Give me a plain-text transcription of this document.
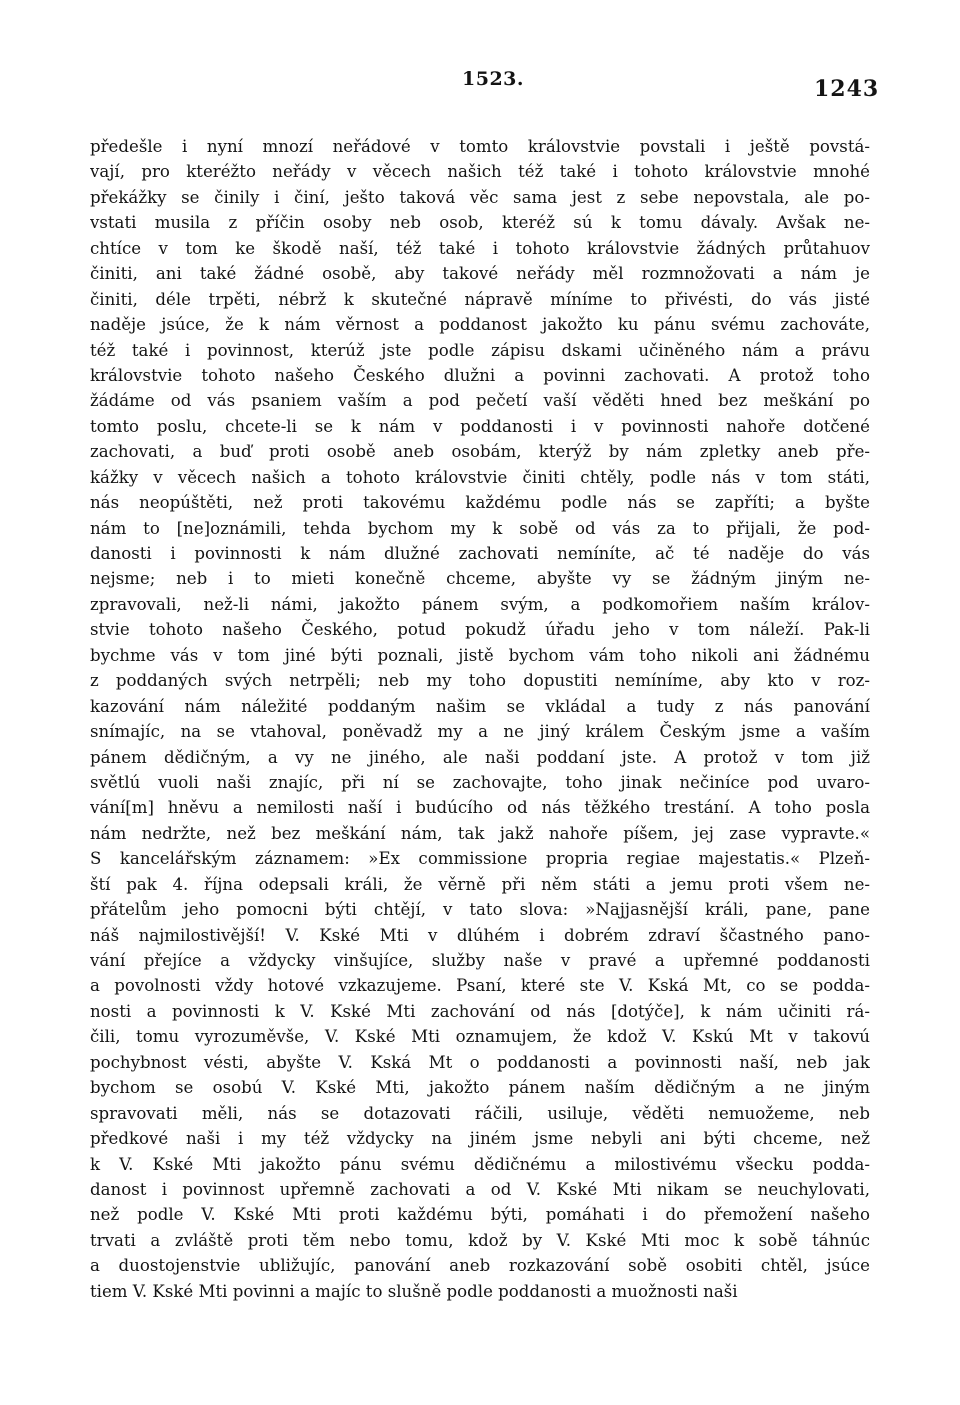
1523.	1243
předešle i nyní mnozí neřádové v tomto královstvie povstali i ještě povstá-
vají, pro kteréžto neřády v věcech našich též také i tohoto královstvie mnohé
překážky se činily i činí, ješto taková věc sama jest z sebe nepovstala, ale po-
vstati musila z příčin osoby neb osob, kteréž sú k tomu dávaly. Avšak ne-
chtíce v tom ke škodě naší, též také i tohoto královstvie žádných průtahuov
činiti, ani také žádné osobě, aby takové neřády měl rozmnožovati a nám je
činiti, déle trpěti, nébrž k skutečné nápravě míníme to přivésti, do vás jisté
naděje jsúce, že k nám věrnost a poddanost jakožto ku pánu svému zachováte,
též také i povinnost, kterúž jste podle zápisu dskami učiněného nám a právu
královstvie tohoto našeho Českého dlužni a povinni zachovati. A protož toho
žádáme od vás psaniem vaším a pod pečetí vaší věděti hned bez meškání po
tomto poslu, chcete-li se k nám v poddanosti i v povinnosti nahoře dotčené
zachovati, a buď proti osobě aneb osobám, kterýž by nám zpletky aneb pře-
kážky v věcech našich a tohoto královstvie činiti chtěly, podle nás v tom státi,
nás neopúštěti, než proti takovému každému podle nás se zapříti; a byšte
nám to [ne]oznámili, tehda bychom my k sobě od vás za to přijali, že pod-
danosti i povinnosti k nám dlužné zachovati nemíníte, ač té naděje do vás
nejsme; neb i to mieti konečně chceme, abyšte vy se žádným jiným ne-
zpravovali, než-li námi, jakožto pánem svým, a podkomořiem naším králov-
stvie tohoto našeho Českého, potud pokudž úřadu jeho v tom náleží. Pak-li
bychme vás v tom jiné býti poznali, jistě bychom vám toho nikoli ani žádnému
z poddaných svých netrpěli; neb my toho dopustiti nemíníme, aby kto v roz-
kazování nám náležité poddaným našim se vkládal a tudy z nás panování
snímajíc, na se vtahoval, poněvadž my a ne jiný králem Českým jsme a vaším
pánem dědičným, a vy ne jiného, ale naši poddaní jste. A protož v tom již
světlú vuoli naši znajíc, při ní se zachovajte, toho jinak nečiníce pod uvaro-
vání[m] hněvu a nemilosti naší i budúcího od nás těžkého trestání. A toho posla
nám nedržte, než bez meškání nám, tak jakž nahoře píšem, jej zase vypravte.«
S kancelářským záznamem: »Ex commissione propria regiae majestatis.« Plzeň-
ští pak 4. října odepsali králi, že věrně při něm státi a jemu proti všem ne-
přátelům jeho pomocni býti chtějí, v tato slova: »Najjasnější králi, pane, pane
náš najmilostivější! V. Kské Mti v dlúhém i dobrém zdraví ščastného pano-
vání přejíce a vždycky vinšujíce, služby naše v pravé a upřemné poddanosti
a povolnosti vždy hotové vzkazujeme. Psaní, které ste V. Kská Mt, co se podda-
nosti a povinnosti k V. Kské Mti zachování od nás [dotýče], k nám učiniti rá-
čili, tomu vyrozuměvše, V. Kské Mti oznamujem, že kdož V. Kskú Mt v takovú
pochybnost vésti, abyšte V. Kská Mt o poddanosti a povinnosti naší, neb jak
bychom se osobú V. Kské Mti, jakožto pánem naším dědičným a ne jiným
spravovati měli, nás se dotazovati ráčili, usiluje, věděti nemuožeme, neb
předkové naši i my též vždycky na jiném jsme nebyli ani býti chceme, než
k V. Kské Mti jakožto pánu svému dědičnému a milostivému všecku podda-
danost i povinnost upřemně zachovati a od V. Kské Mti nikam se neuchylovati,
než podle V. Kské Mti proti každému býti, pomáhati i do přemožení našeho
trvati a zvláště proti těm nebo tomu, kdož by V. Kské Mti moc k sobě táhnúc
a duostojenstvie ubližujíc, panování aneb rozkazování sobě osobiti chtěl, jsúce
tiem V. Kské Mti povinni a majíc to slušně podle poddanosti a muožnosti naši
